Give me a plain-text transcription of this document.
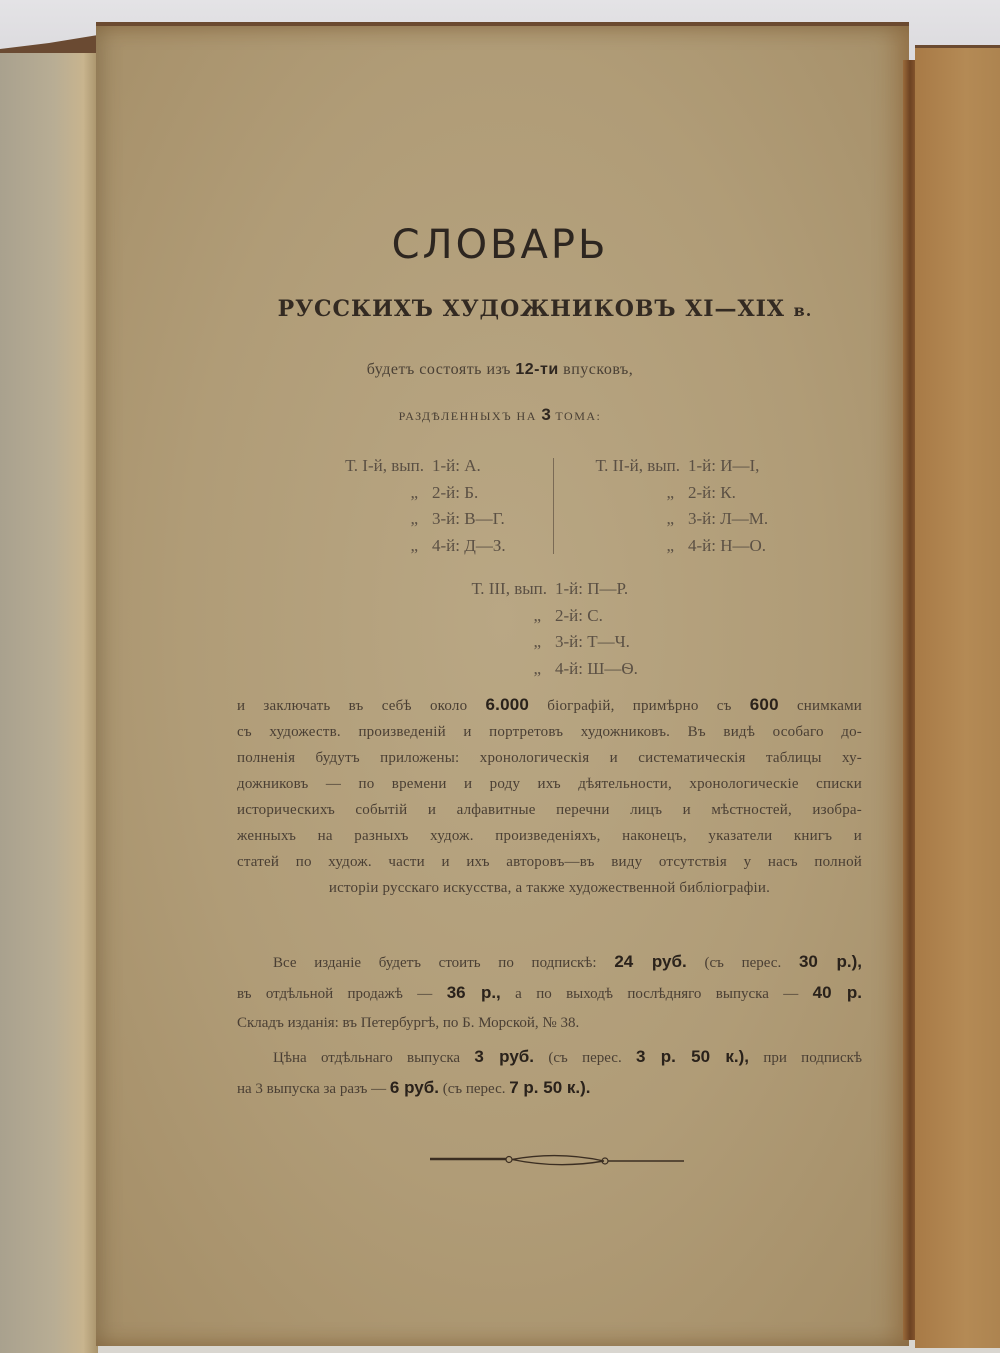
СЛОВАРЬ
РУССКИХЪ ХУДОЖНИКОВЪ XI—XIX в.
будетъ состоять изъ 12-ти впусковъ,
РАЗДѢЛЕННЫХЪ НА 3 ТОМА:
Т. I-й, вып. 1-й:
А.
„ 2-й:
Б.
„ 3-й:
В—Г.
„ 4-й:
Д—З.
Т. II-й, вып. 1-й:
И—I,
„ 2-й:
К.
„ 3-й:
Л—М.
„ 4-й:
Н—О.
Т. III, вып. 1-й:
П—Р.
„ 2-й:
С.
„ 3-й:
Т—Ч.
„ 4-й:
Ш—Ѳ.
и заключать въ себѣ около 6.000 біографій, примѣрно съ 600 снимками
съ художеств. произведеній и портретовъ художниковъ. Въ видѣ особаго до-
полненія будутъ приложены: хронологическія и систематическія таблицы ху-
дожниковъ — по времени и роду ихъ дѣятельности, хронологическіе списки
историческихъ событій и алфавитные перечни лицъ и мѣстностей, изобра-
женныхъ на разныхъ худож. произведеніяхъ, наконецъ, указатели книгъ и
статей по худож. части и ихъ авторовъ—въ виду отсутствія у насъ полной
исторіи русскаго искусства, а также художественной библіографіи.
Все изданіе будетъ стоить по подпискѣ: 24 руб. (съ перес. 30 р.),
въ отдѣльной продажѣ — 36 р., а по выходѣ послѣдняго выпуска — 40 р.
Складъ изданія: въ Петербургѣ, по Б. Морской, № 38.
Цѣна отдѣльнаго выпуска 3 руб. (съ перес. 3 р. 50 к.), при подпискѣ
на 3 выпуска за разъ — 6 руб. (съ перес. 7 р. 50 к.).
